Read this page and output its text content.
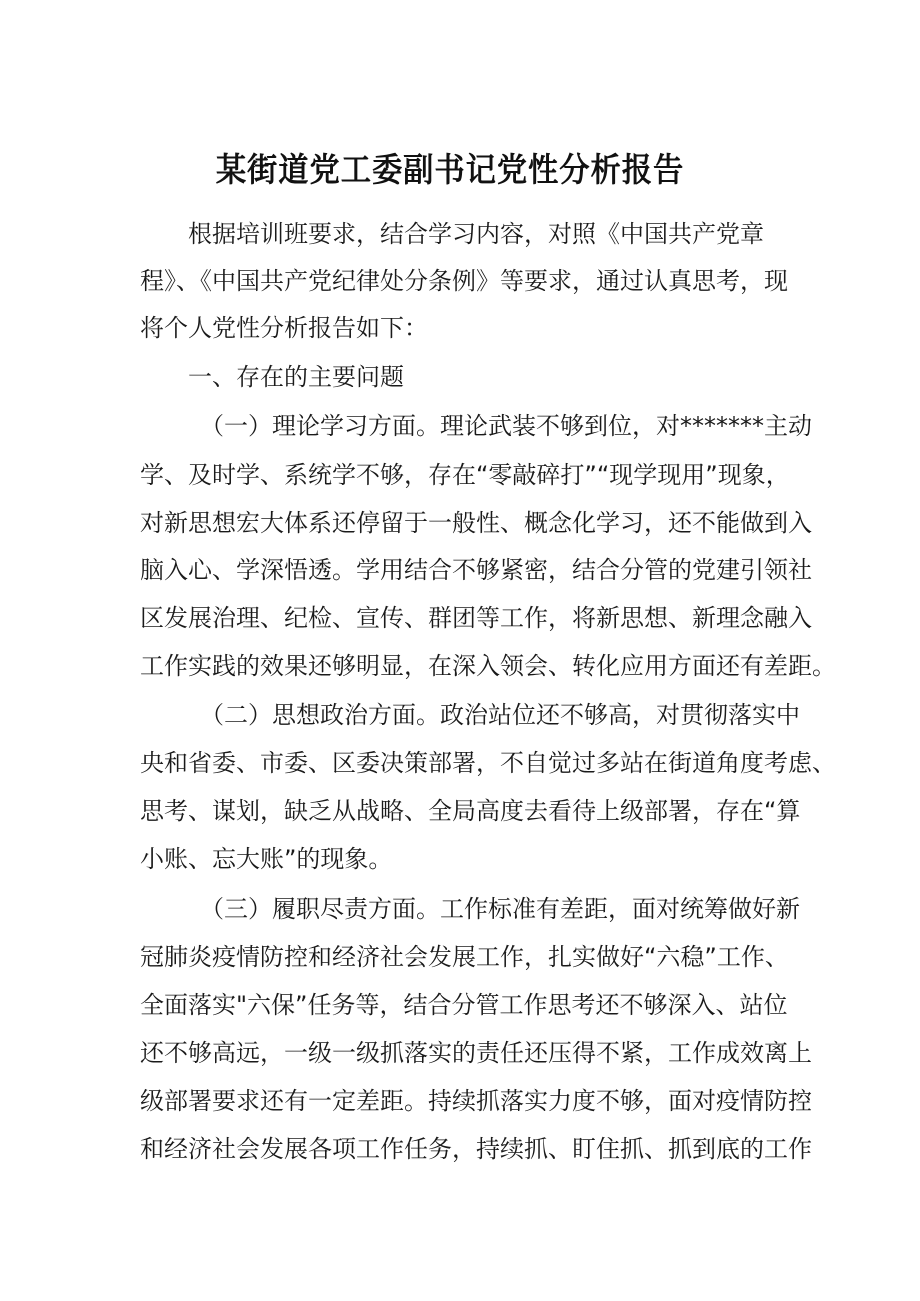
某街道党工委副书记党性分析报告
根据培训班要求，结合学习内容，对照《中国共产党章
程》、《中国共产党纪律处分条例》等要求，通过认真思考，现
将个人党性分析报告如下：
一、存在的主要问题
（一）理论学习方面。理论武装不够到位，对*******主动
学、及时学、系统学不够，存在“零敲碎打”“现学现用”现象，
对新思想宏大体系还停留于一般性、概念化学习，还不能做到入
脑入心、学深悟透。学用结合不够紧密，结合分管的党建引领社
区发展治理、纪检、宣传、群团等工作，将新思想、新理念融入
工作实践的效果还够明显，在深入领会、转化应用方面还有差距。
（二）思想政治方面。政治站位还不够高，对贯彻落实中
央和省委、市委、区委决策部署，不自觉过多站在街道角度考虑、
思考、谋划，缺乏从战略、全局高度去看待上级部署，存在“算
小账、忘大账”的现象。
（三）履职尽责方面。工作标准有差距，面对统筹做好新
冠肺炎疫情防控和经济社会发展工作，扎实做好“六稳”工作、
全面落实"六保”任务等，结合分管工作思考还不够深入、站位
还不够高远，一级一级抓落实的责任还压得不紧，工作成效离上
级部署要求还有一定差距。持续抓落实力度不够，面对疫情防控
和经济社会发展各项工作任务，持续抓、盯住抓、抓到底的工作
